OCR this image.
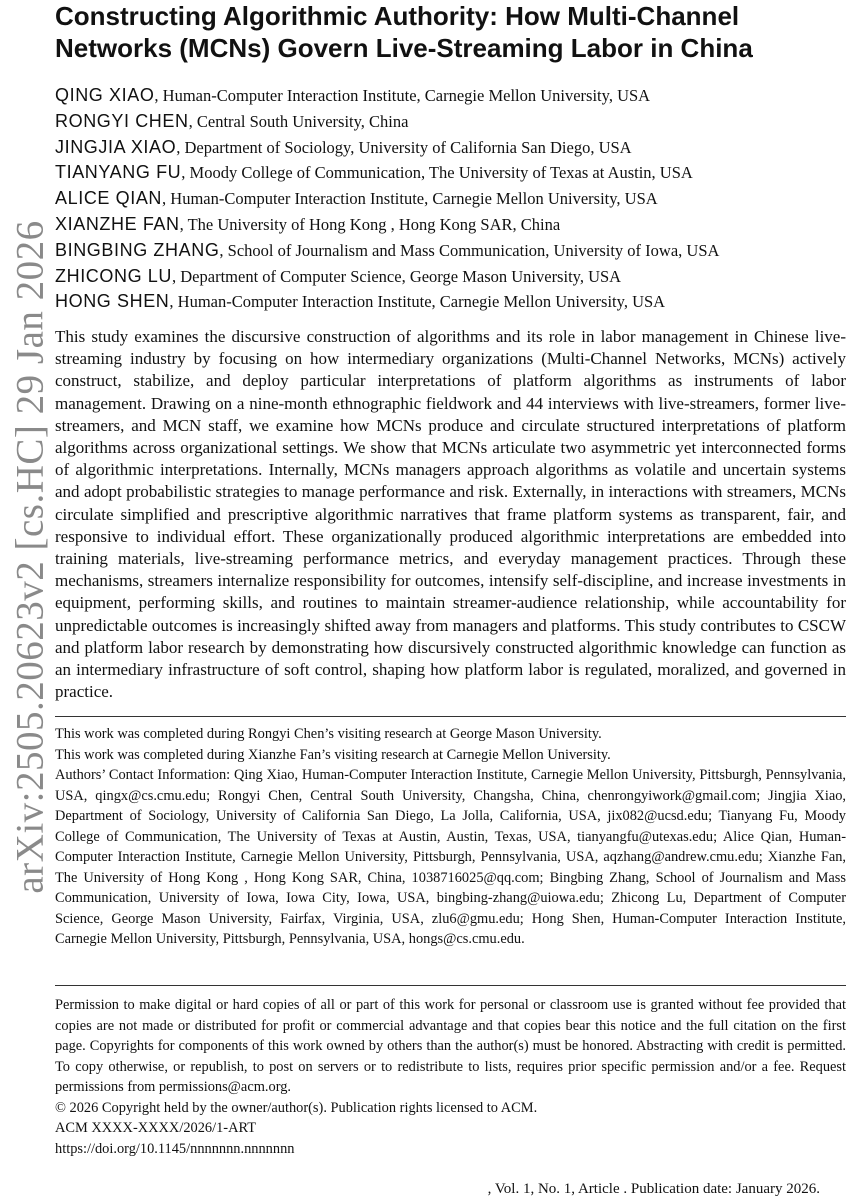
arXiv:2505.20623v2 [cs.HC] 29 Jan 2026
Constructing Algorithmic Authority: How Multi-Channel Networks (MCNs) Govern Live-Streaming Labor in China
QING XIAO, Human-Computer Interaction Institute, Carnegie Mellon University, USA
RONGYI CHEN, Central South University, China
JINGJIA XIAO, Department of Sociology, University of California San Diego, USA
TIANYANG FU, Moody College of Communication, The University of Texas at Austin, USA
ALICE QIAN, Human-Computer Interaction Institute, Carnegie Mellon University, USA
XIANZHE FAN, The University of Hong Kong , Hong Kong SAR, China
BINGBING ZHANG, School of Journalism and Mass Communication, University of Iowa, USA
ZHICONG LU, Department of Computer Science, George Mason University, USA
HONG SHEN, Human-Computer Interaction Institute, Carnegie Mellon University, USA

This study examines the discursive construction of algorithms and its role in labor management in Chinese live-streaming industry by focusing on how intermediary organizations (Multi-Channel Networks, MCNs) actively construct, stabilize, and deploy particular interpretations of platform algorithms as instruments of labor management. Drawing on a nine-month ethnographic fieldwork and 44 interviews with live-streamers, former live-streamers, and MCN staff, we examine how MCNs produce and circulate structured interpretations of platform algorithms across organizational settings. We show that MCNs articulate two asymmetric yet interconnected forms of algorithmic interpretations. Internally, MCNs managers approach algorithms as volatile and uncertain systems and adopt probabilistic strategies to manage performance and risk. Externally, in interactions with streamers, MCNs circulate simplified and prescriptive algorithmic narratives that frame platform systems as transparent, fair, and responsive to individual effort. These organizationally produced algorithmic interpretations are embedded into training materials, live-streaming performance metrics, and everyday management practices. Through these mechanisms, streamers internalize responsibility for outcomes, intensify self-discipline, and increase investments in equipment, performing skills, and routines to maintain streamer-audience relationship, while accountability for unpredictable outcomes is increasingly shifted away from managers and platforms. This study contributes to CSCW and platform labor research by demonstrating how discursively constructed algorithmic knowledge can function as an intermediary infrastructure of soft control, shaping how platform labor is regulated, moralized, and governed in practice.

This work was completed during Rongyi Chen’s visiting research at George Mason University.

This work was completed during Xianzhe Fan’s visiting research at Carnegie Mellon University.

Authors’ Contact Information: Qing Xiao, Human-Computer Interaction Institute, Carnegie Mellon University, Pittsburgh, Pennsylvania, USA, qingx@cs.cmu.edu; Rongyi Chen, Central South University, Changsha, China, chenrongyiwork@gmail.com; Jingjia Xiao, Department of Sociology, University of California San Diego, La Jolla, California, USA, jix082@ucsd.edu; Tianyang Fu, Moody College of Communication, The University of Texas at Austin, Austin, Texas, USA, tianyangfu@utexas.edu; Alice Qian, Human-Computer Interaction Institute, Carnegie Mellon University, Pittsburgh, Pennsylvania, USA, aqzhang@andrew.cmu.edu; Xianzhe Fan, The University of Hong Kong , Hong Kong SAR, China, 1038716025@qq.com; Bingbing Zhang, School of Journalism and Mass Communication, University of Iowa, Iowa City, Iowa, USA, bingbing-zhang@uiowa.edu; Zhicong Lu, Department of Computer Science, George Mason University, Fairfax, Virginia, USA, zlu6@gmu.edu; Hong Shen, Human-Computer Interaction Institute, Carnegie Mellon University, Pittsburgh, Pennsylvania, USA, hongs@cs.cmu.edu.

Permission to make digital or hard copies of all or part of this work for personal or classroom use is granted without fee provided that copies are not made or distributed for profit or commercial advantage and that copies bear this notice and the full citation on the first page. Copyrights for components of this work owned by others than the author(s) must be honored. Abstracting with credit is permitted. To copy otherwise, or republish, to post on servers or to redistribute to lists, requires prior specific permission and/or a fee. Request permissions from permissions@acm.org.

© 2026 Copyright held by the owner/author(s). Publication rights licensed to ACM.

ACM XXXX-XXXX/2026/1-ART

https://doi.org/10.1145/nnnnnnn.nnnnnnn

, Vol. 1, No. 1, Article . Publication date: January 2026.
